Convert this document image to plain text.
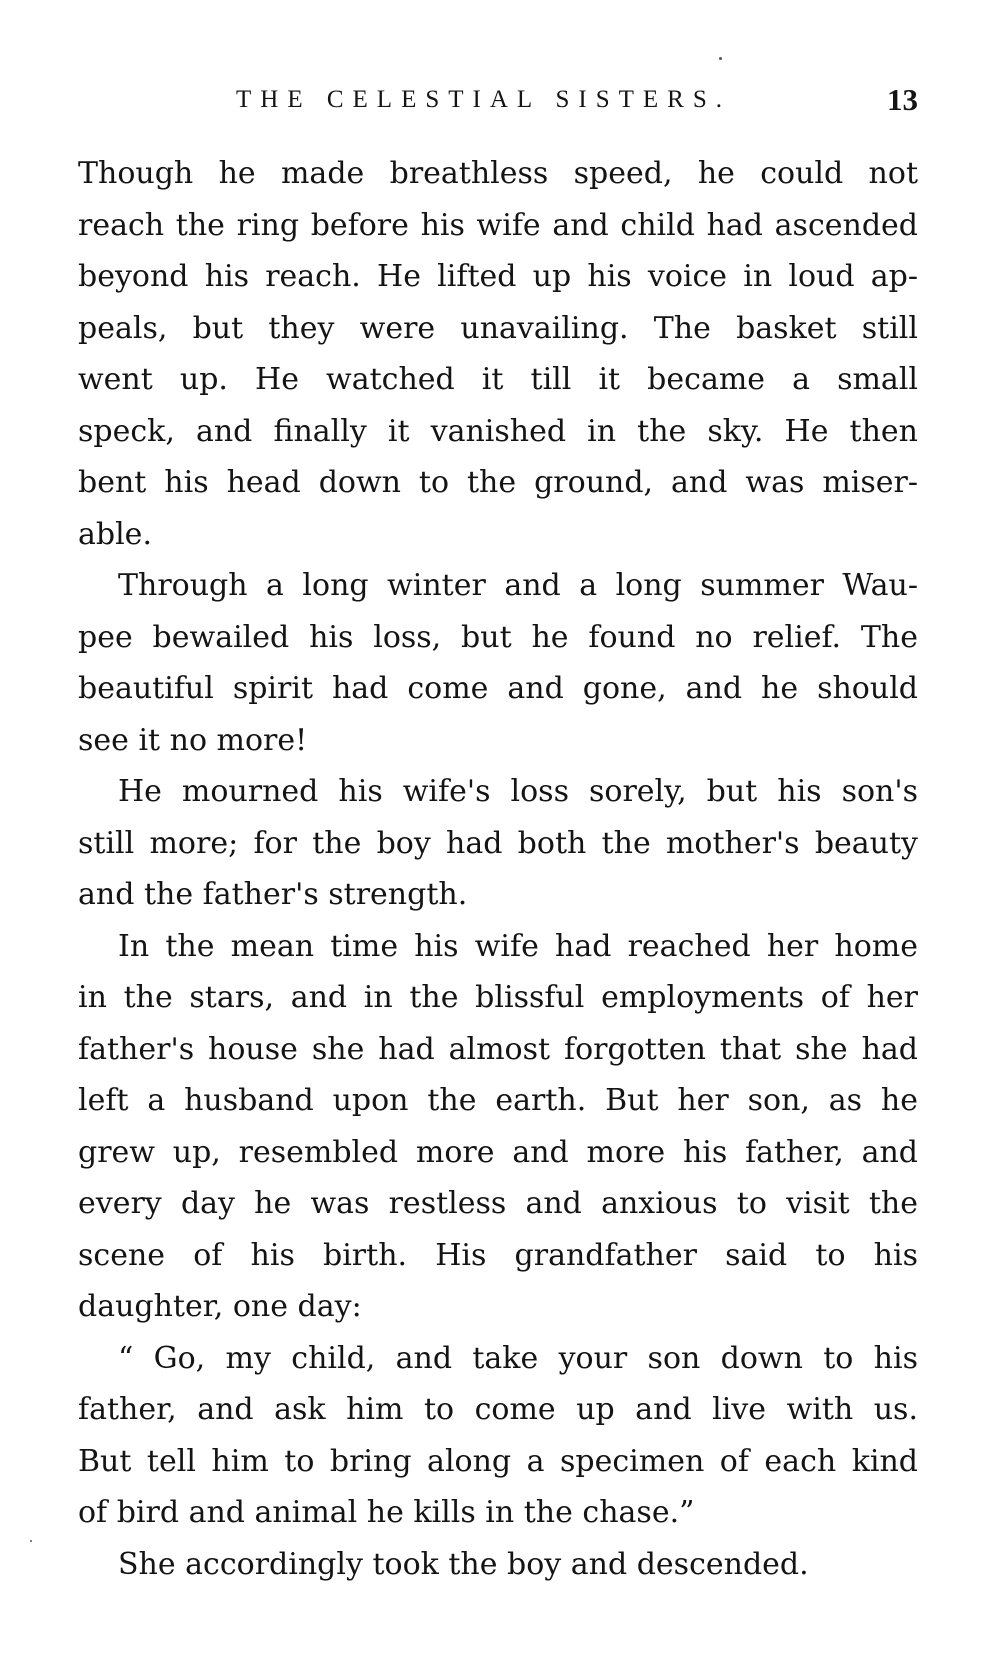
THE CELESTIAL SISTERS.	13
Though he made breathless speed, he could not
reach the ring before his wife and child had ascended
beyond his reach. He lifted up his voice in loud ap-
peals, but they were unavailing. The basket still
went up. He watched it till it became a small
speck, and finally it vanished in the sky. He then
bent his head down to the ground, and was miser-
able.
Through a long winter and a long summer Wau-
pee bewailed his loss, but he found no relief. The
beautiful spirit had come and gone, and he should
see it no more!
He mourned his wife's loss sorely, but his son's
still more; for the boy had both the mother's beauty
and the father's strength.
In the mean time his wife had reached her home
in the stars, and in the blissful employments of her
father's house she had almost forgotten that she had
left a husband upon the earth. But her son, as he
grew up, resembled more and more his father, and
every day he was restless and anxious to visit the
scene of his birth. His grandfather said to his
daughter, one day:
“ Go, my child, and take your son down to his
father, and ask him to come up and live with us.
But tell him to bring along a specimen of each kind
of bird and animal he kills in the chase.”
She accordingly took the boy and descended.
